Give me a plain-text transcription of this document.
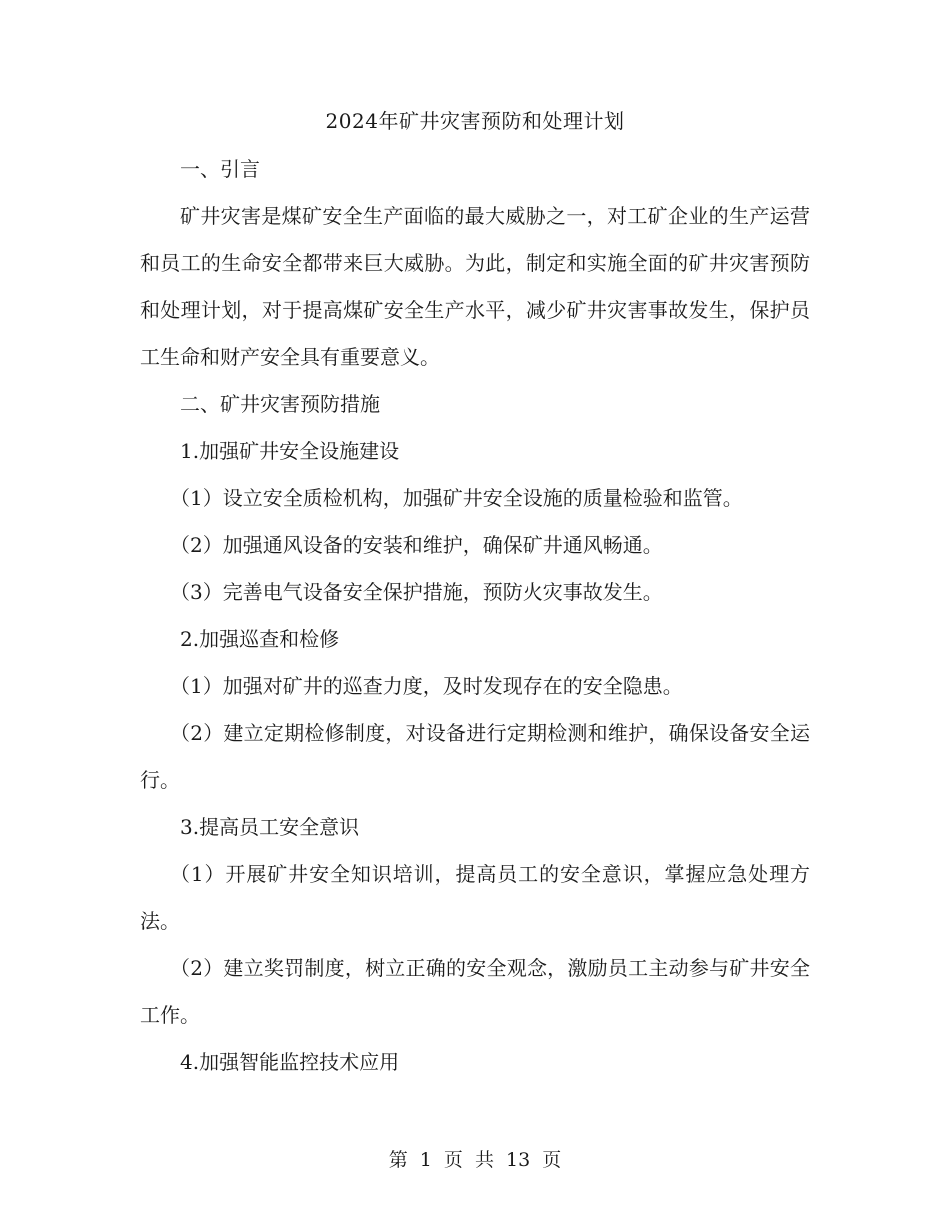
2024年矿井灾害预防和处理计划

一、引言

矿井灾害是煤矿安全生产面临的最大威胁之一，对工矿企业的生产运营和员工的生命安全都带来巨大威胁。为此，制定和实施全面的矿井灾害预防和处理计划，对于提高煤矿安全生产水平，减少矿井灾害事故发生，保护员工生命和财产安全具有重要意义。

二、矿井灾害预防措施

1.加强矿井安全设施建设

（1）设立安全质检机构，加强矿井安全设施的质量检验和监管。

（2）加强通风设备的安装和维护，确保矿井通风畅通。

（3）完善电气设备安全保护措施，预防火灾事故发生。

2.加强巡查和检修

（1）加强对矿井的巡查力度，及时发现存在的安全隐患。

（2）建立定期检修制度，对设备进行定期检测和维护，确保设备安全运行。

3.提高员工安全意识

（1）开展矿井安全知识培训，提高员工的安全意识，掌握应急处理方法。

（2）建立奖罚制度，树立正确的安全观念，激励员工主动参与矿井安全工作。

4.加强智能监控技术应用

第 1 页 共 13 页
